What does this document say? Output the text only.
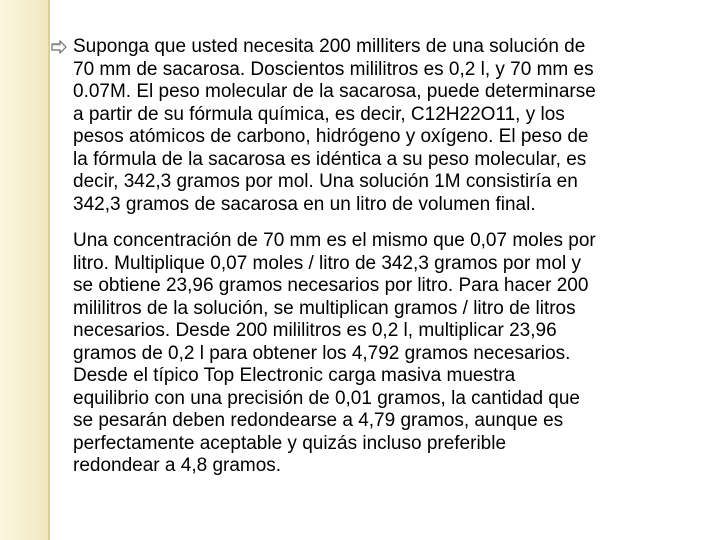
Suponga que usted necesita 200 milliters de una solución de
70 mm de sacarosa. Doscientos mililitros es 0,2 l, y 70 mm es
0.07M. El peso molecular de la sacarosa, puede determinarse
a partir de su fórmula química, es decir, C12H22O11, y los
pesos atómicos de carbono, hidrógeno y oxígeno. El peso de
la fórmula de la sacarosa es idéntica a su peso molecular, es
decir, 342,3 gramos por mol. Una solución 1M consistiría en
342,3 gramos de sacarosa en un litro de volumen final.

Una concentración de 70 mm es el mismo que 0,07 moles por
litro. Multiplique 0,07 moles / litro de 342,3 gramos por mol y
se obtiene 23,96 gramos necesarios por litro. Para hacer 200
mililitros de la solución, se multiplican gramos / litro de litros
necesarios. Desde 200 mililitros es 0,2 l, multiplicar 23,96
gramos de 0,2 l para obtener los 4,792 gramos necesarios.
Desde el típico Top Electronic carga masiva muestra
equilibrio con una precisión de 0,01 gramos, la cantidad que
se pesarán deben redondearse a 4,79 gramos, aunque es
perfectamente aceptable y quizás incluso preferible
redondear a 4,8 gramos.
